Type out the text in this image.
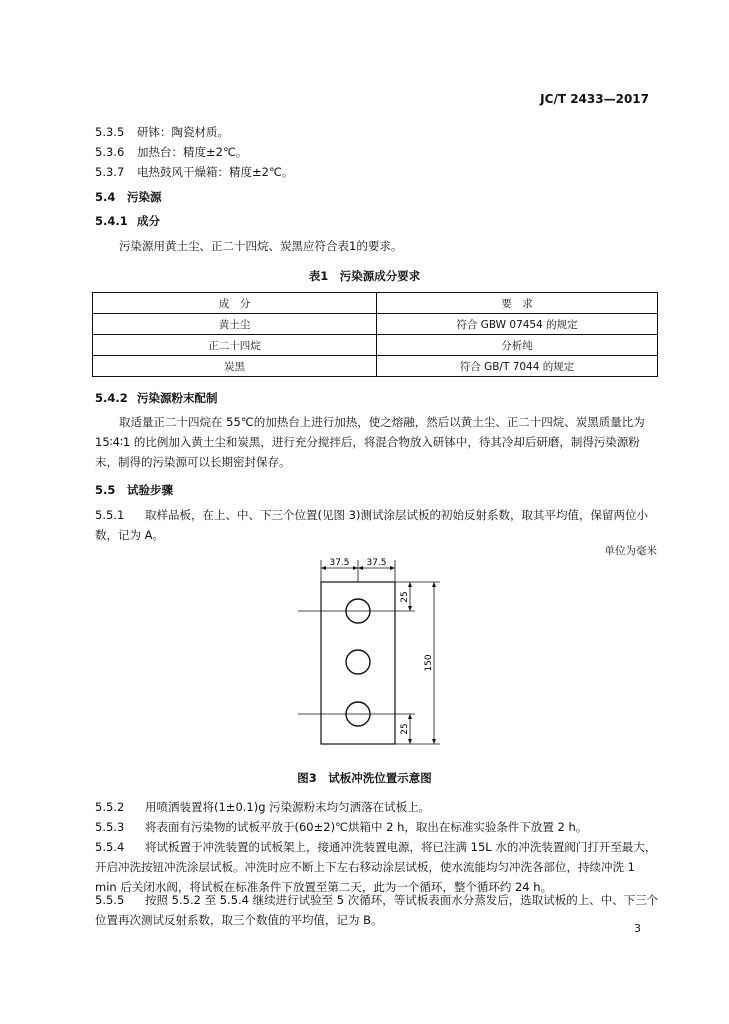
JC/T 2433—2017
5.3.5 研钵：陶瓷材质。
5.3.6 加热台：精度±2℃。
5.3.7 电热鼓风干燥箱：精度±2℃。
5.4 污染源
5.4.1 成分
污染源用黄土尘、正二十四烷、炭黑应符合表1的要求。
表1　污染源成分要求
成　分	要　求
黄土尘	符合 GBW 07454 的规定
正二十四烷	分析纯
炭黑	符合 GB/T 7044 的规定
5.4.2 污染源粉末配制
取适量正二十四烷在 55℃的加热台上进行加热，使之熔融，然后以黄土尘、正二十四烷、炭黑质量比为 15∶4∶1 的比例加入黄土尘和炭黑，进行充分搅拌后，将混合物放入研钵中，待其冷却后研磨，制得污染源粉末，制得的污染源可以长期密封保存。
5.5 试验步骤
5.5.1 取样品板，在上、中、下三个位置(见图 3)测试涂层试板的初始反射系数，取其平均值，保留两位小数，记为 A。
单位为毫米
37.5 37.5
25
25
150
图3　试板冲洗位置示意图
5.5.2 用喷洒装置将(1±0.1)g 污染源粉末均匀洒落在试板上。
5.5.3 将表面有污染物的试板平放于(60±2)℃烘箱中 2 h，取出在标准实验条件下放置 2 h。
5.5.4 将试板置于冲洗装置的试板架上，接通冲洗装置电源，将已注满 15L 水的冲洗装置阀门打开至最大，开启冲洗按钮冲洗涂层试板。冲洗时应不断上下左右移动涂层试板，使水流能均匀冲洗各部位，持续冲洗 1 min 后关闭水阀，将试板在标准条件下放置至第二天，此为一个循环，整个循环约 24 h。
5.5.5 按照 5.5.2 至 5.5.4 继续进行试验至 5 次循环，等试板表面水分蒸发后，选取试板的上、中、下三个位置再次测试反射系数，取三个数值的平均值，记为 B。
3
